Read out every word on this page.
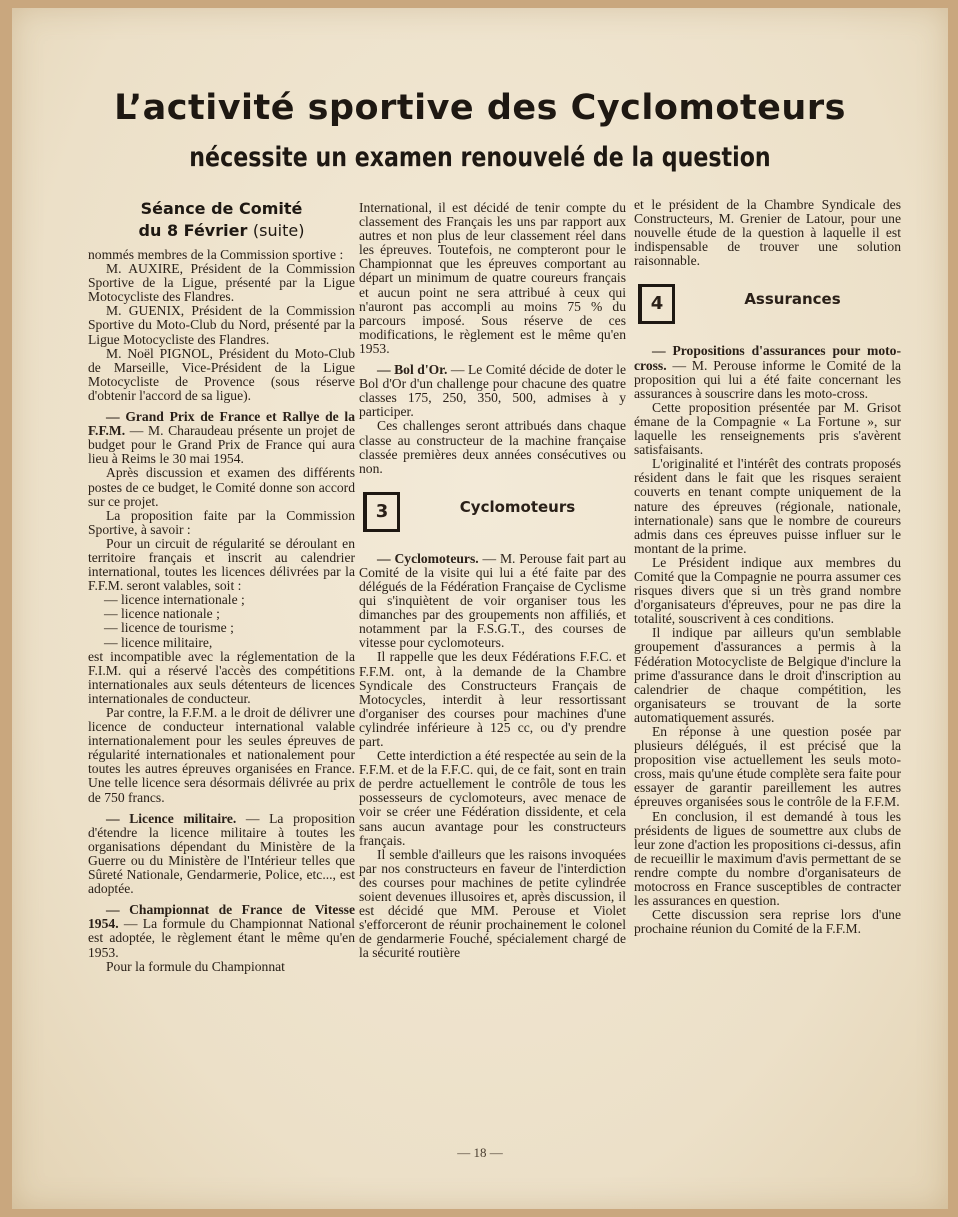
L’activité sportive des Cyclomoteurs
nécessite un examen renouvelé de la question
Séance de Comité
du 8 Février (suite)

nommés membres de la Commission sportive :

M. AUXIRE, Président de la Commission Sportive de la Ligue, présenté par la Ligue Motocycliste des Flandres.

M. GUENIX, Président de la Commission Sportive du Moto-Club du Nord, présenté par la Ligue Motocycliste des Flandres.

M. Noël PIGNOL, Président du Moto-Club de Marseille, Vice-Président de la Ligue Motocycliste de Provence (sous réserve d'obtenir l'accord de sa ligue).

— Grand Prix de France et Rallye de la F.F.M. — M. Charaudeau présente un projet de budget pour le Grand Prix de France qui aura lieu à Reims le 30 mai 1954.

Après discussion et examen des différents postes de ce budget, le Comité donne son accord sur ce projet.

La proposition faite par la Commission Sportive, à savoir :

Pour un circuit de régularité se déroulant en territoire français et inscrit au calendrier international, toutes les licences délivrées par la F.F.M. seront valables, soit :

— licence internationale ;

— licence nationale ;

— licence de tourisme ;

— licence militaire,

est incompatible avec la réglementation de la F.I.M. qui a réservé l'accès des compétitions internationales aux seuls détenteurs de licences internationales de conducteur.

Par contre, la F.F.M. a le droit de délivrer une licence de conducteur international valable internationalement pour les seules épreuves de régularité internationales et nationalement pour toutes les autres épreuves organisées en France. Une telle licence sera désormais délivrée au prix de 750 francs.

— Licence militaire. — La proposition d'étendre la licence militaire à toutes les organisations dépendant du Ministère de la Guerre ou du Ministère de l'Intérieur telles que Sûreté Nationale, Gendarmerie, Police, etc..., est adoptée.

— Championnat de France de Vitesse 1954. — La formule du Championnat National est adoptée, le règlement étant le même qu'en 1953.

Pour la formule du Championnat

International, il est décidé de tenir compte du classement des Français les uns par rapport aux autres et non plus de leur classement réel dans les épreuves. Toutefois, ne compteront pour le Championnat que les épreuves comportant au départ un minimum de quatre coureurs français et aucun point ne sera attribué à ceux qui n'auront pas accompli au moins 75 % du parcours imposé. Sous réserve de ces modifications, le règlement est le même qu'en 1953.

— Bol d'Or. — Le Comité décide de doter le Bol d'Or d'un challenge pour chacune des quatre classes 175, 250, 350, 500, admises à y participer.

Ces challenges seront attribués dans chaque classe au constructeur de la machine française classée premières deux années consécutives ou non.

3	Cyclomoteurs

— Cyclomoteurs. — M. Perouse fait part au Comité de la visite qui lui a été faite par des délégués de la Fédération Française de Cyclisme qui s'inquiètent de voir organiser tous les dimanches par des groupements non affiliés, et notamment par la F.S.G.T., des courses de vitesse pour cyclomoteurs.

Il rappelle que les deux Fédérations F.F.C. et F.F.M. ont, à la demande de la Chambre Syndicale des Constructeurs Français de Motocycles, interdit à leur ressortissant d'organiser des courses pour machines d'une cylindrée inférieure à 125 cc, ou d'y prendre part.

Cette interdiction a été respectée au sein de la F.F.M. et de la F.F.C. qui, de ce fait, sont en train de perdre actuellement le contrôle de tous les possesseurs de cyclomoteurs, avec menace de voir se créer une Fédération dissidente, et cela sans aucun avantage pour les constructeurs français.

Il semble d'ailleurs que les raisons invoquées par nos constructeurs en faveur de l'interdiction des courses pour machines de petite cylindrée soient devenues illusoires et, après discussion, il est décidé que MM. Perouse et Violet s'efforceront de réunir prochainement le colonel de gendarmerie Fouché, spécialement chargé de la sécurité routière

et le président de la Chambre Syndicale des Constructeurs, M. Grenier de Latour, pour une nouvelle étude de la question à laquelle il est indispensable de trouver une solution raisonnable.

4	Assurances

— Propositions d'assurances pour moto-cross. — M. Perouse informe le Comité de la proposition qui lui a été faite concernant les assurances à souscrire dans les moto-cross.

Cette proposition présentée par M. Grisot émane de la Compagnie « La Fortune », sur laquelle les renseignements pris s'avèrent satisfaisants.

L'originalité et l'intérêt des contrats proposés résident dans le fait que les risques seraient couverts en tenant compte uniquement de la nature des épreuves (régionale, nationale, internationale) sans que le nombre de coureurs admis dans ces épreuves puisse influer sur le montant de la prime.

Le Président indique aux membres du Comité que la Compagnie ne pourra assumer ces risques divers que si un très grand nombre d'organisateurs d'épreuves, pour ne pas dire la totalité, souscrivent à ces conditions.

Il indique par ailleurs qu'un semblable groupement d'assurances a permis à la Fédération Motocycliste de Belgique d'inclure la prime d'assurance dans le droit d'inscription au calendrier de chaque compétition, les organisateurs se trouvant de la sorte automatiquement assurés.

En réponse à une question posée par plusieurs délégués, il est précisé que la proposition vise actuellement les seuls moto-cross, mais qu'une étude complète sera faite pour essayer de garantir pareillement les autres épreuves organisées sous le contrôle de la F.F.M.

En conclusion, il est demandé à tous les présidents de ligues de soumettre aux clubs de leur zone d'action les propositions ci-dessus, afin de recueillir le maximum d'avis permettant de se rendre compte du nombre d'organisateurs de motocross en France susceptibles de contracter les assurances en question.

Cette discussion sera reprise lors d'une prochaine réunion du Comité de la F.F.M.

— 18 —
